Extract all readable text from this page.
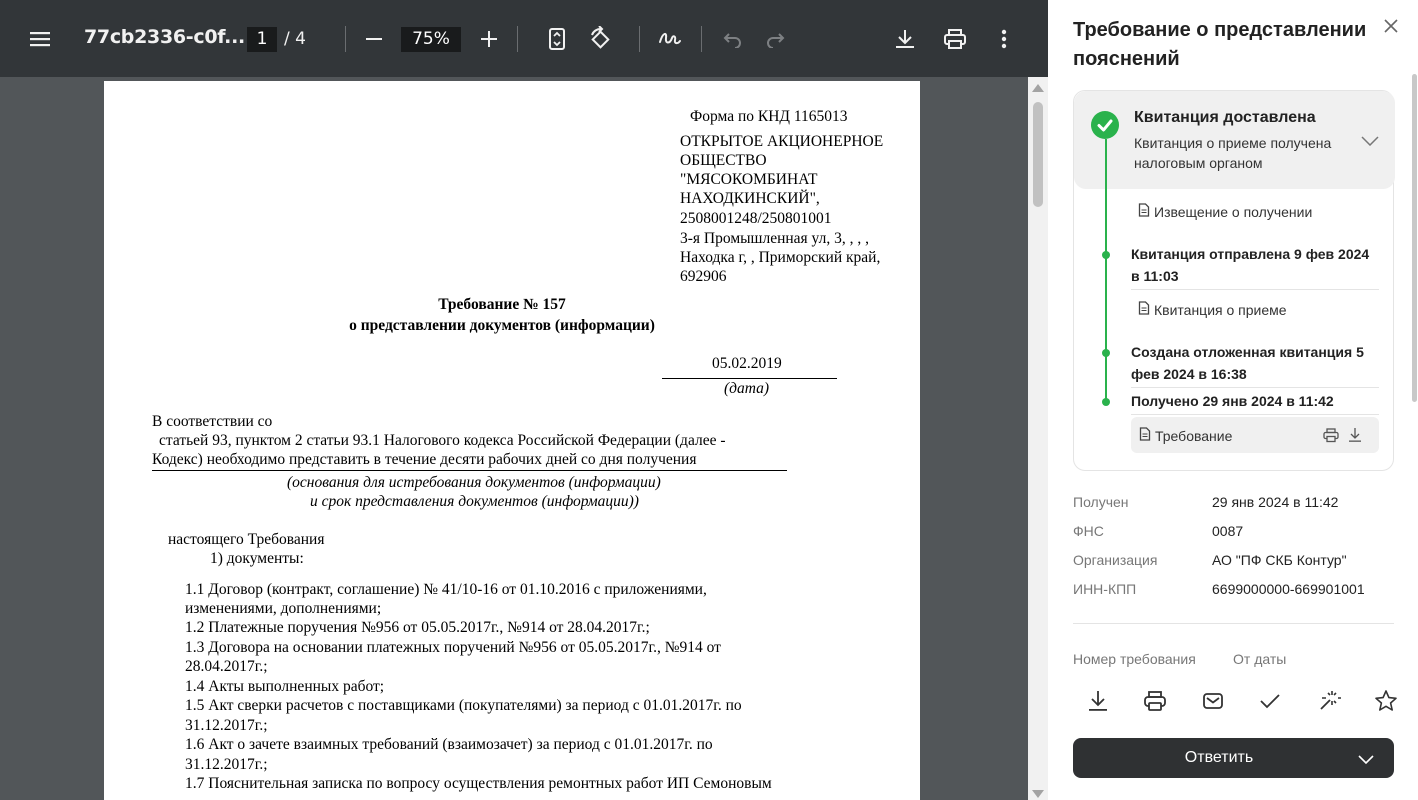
77cb2336-c0f... 1 / 4	75%
Форма по КНД 1165013
ОТКРЫТОЕ АКЦИОНЕРНОЕ
ОБЩЕСТВО
"МЯСОКОМБИНАТ
НАХОДКИНСКИЙ",
2508001248/250801001
3-я Промышленная ул, 3, , , ,
Находка г, , Приморский край,
692906
Требование № 157
о представлении документов (информации)
05.02.2019
(дата)
В соответствии со
статьей 93, пунктом 2 статьи 93.1 Налогового кодекса Российской Федерации (далее -
Кодекс) необходимо представить в течение десяти рабочих дней со дня получения
(основания для истребования документов (информации)
и срок представления документов (информации))
настоящего Требования
1) документы:
1.1 Договор (контракт, соглашение) № 41/10-16 от 01.10.2016 с приложениями,
изменениями, дополнениями;
1.2 Платежные поручения №956 от 05.05.2017г., №914 от 28.04.2017г.;
1.3 Договора на основании платежных поручений №956 от 05.05.2017г., №914 от
28.04.2017г.;
1.4 Акты выполненных работ;
1.5 Акт сверки расчетов с поставщиками (покупателями) за период с 01.01.2017г. по
31.12.2017г.;
1.6 Акт о зачете взаимных требований (взаимозачет) за период с 01.01.2017г. по
31.12.2017г.;
1.7 Пояснительная записка по вопросу осуществления ремонтных работ ИП Семоновым
Требование о представлении пояснений
Квитанция доставлена
Квитанция о приеме получена налоговым органом
Извещение о получении
Квитанция отправлена 9 фев 2024 в 11:03
Квитанция о приеме
Создана отложенная квитанция 5 фев 2024 в 16:38
Получено 29 янв 2024 в 11:42
Требование
Получен	29 янв 2024 в 11:42
ФНС	0087
Организация	АО "ПФ СКБ Контур"
ИНН-КПП	6699000000-669901001
Номер требования	От даты
Ответить
